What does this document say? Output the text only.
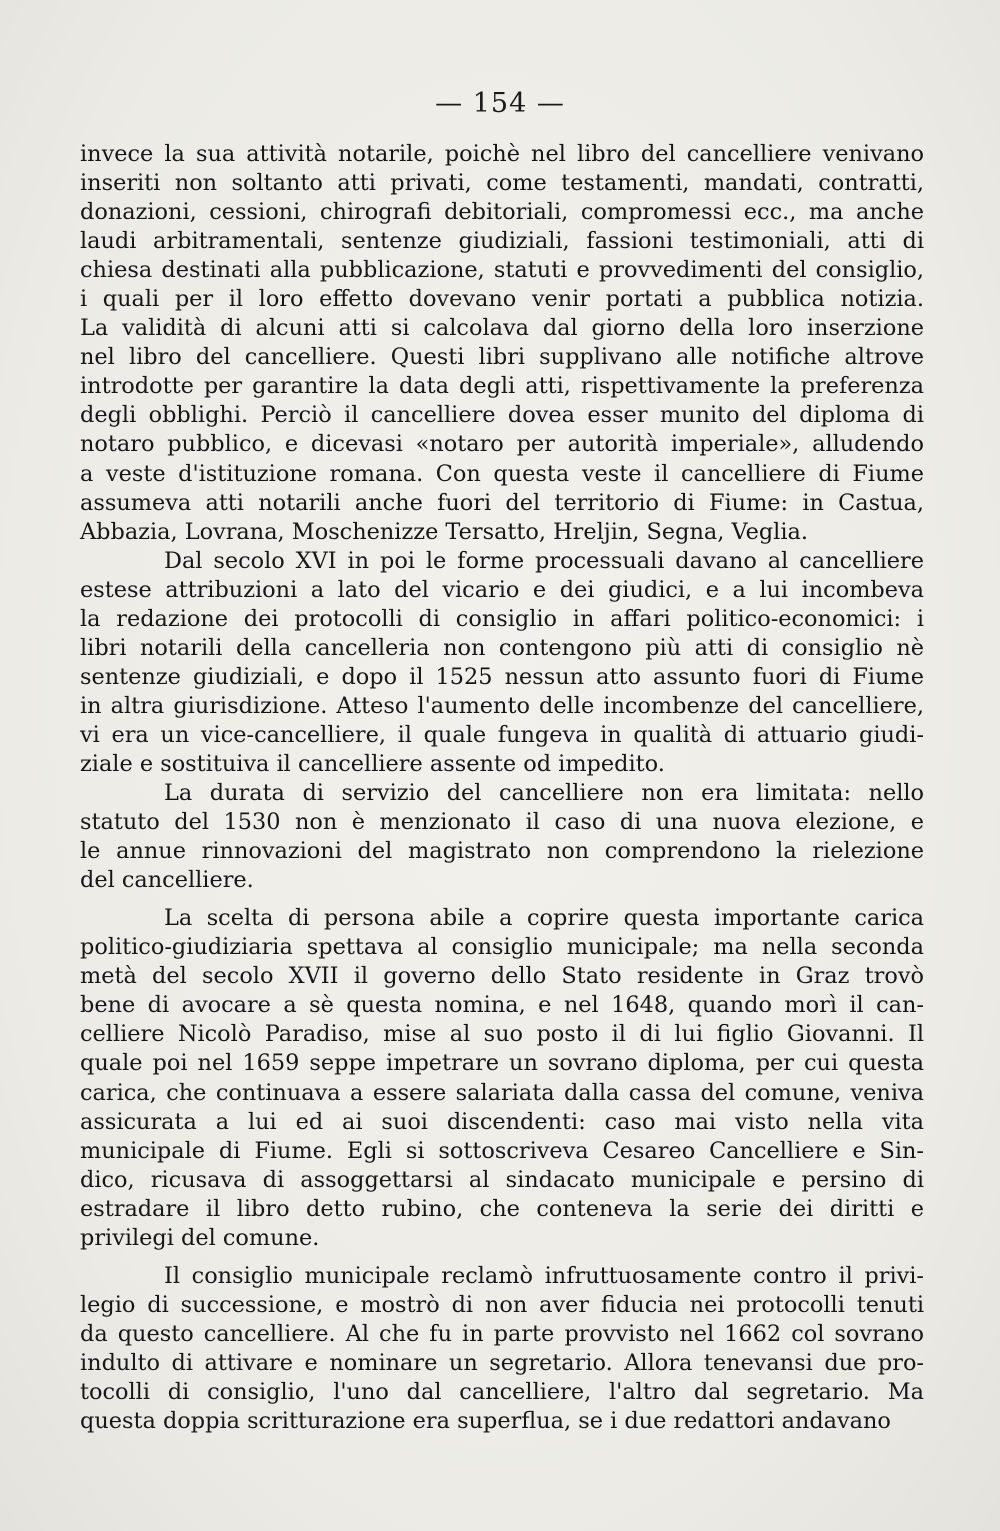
— 154 —
invece la sua attività notarile, poichè nel libro del cancelliere venivano
inseriti non soltanto atti privati, come testamenti, mandati, contratti,
donazioni, cessioni, chirografi debitoriali, compromessi ecc., ma anche
laudi arbitramentali, sentenze giudiziali, fassioni testimoniali, atti di
chiesa destinati alla pubblicazione, statuti e provvedimenti del consiglio,
i quali per il loro effetto dovevano venir portati a pubblica notizia.
La validità di alcuni atti si calcolava dal giorno della loro inserzione
nel libro del cancelliere. Questi libri supplivano alle notifiche altrove
introdotte per garantire la data degli atti, rispettivamente la preferenza
degli obblighi. Perciò il cancelliere dovea esser munito del diploma di
notaro pubblico, e dicevasi «notaro per autorità imperiale», alludendo
a veste d'istituzione romana. Con questa veste il cancelliere di Fiume
assumeva atti notarili anche fuori del territorio di Fiume: in Castua,
Abbazia, Lovrana, Moschenizze Tersatto, Hreljin, Segna, Veglia.
Dal secolo XVI in poi le forme processuali davano al cancelliere
estese attribuzioni a lato del vicario e dei giudici, e a lui incombeva
la redazione dei protocolli di consiglio in affari politico-economici: i
libri notarili della cancelleria non contengono più atti di consiglio nè
sentenze giudiziali, e dopo il 1525 nessun atto assunto fuori di Fiume
in altra giurisdizione. Atteso l'aumento delle incombenze del cancelliere,
vi era un vice-cancelliere, il quale fungeva in qualità di attuario giudi-
ziale e sostituiva il cancelliere assente od impedito.
La durata di servizio del cancelliere non era limitata: nello
statuto del 1530 non è menzionato il caso di una nuova elezione, e
le annue rinnovazioni del magistrato non comprendono la rielezione
del cancelliere.
La scelta di persona abile a coprire questa importante carica
politico-giudiziaria spettava al consiglio municipale; ma nella seconda
metà del secolo XVII il governo dello Stato residente in Graz trovò
bene di avocare a sè questa nomina, e nel 1648, quando morì il can-
celliere Nicolò Paradiso, mise al suo posto il di lui figlio Giovanni. Il
quale poi nel 1659 seppe impetrare un sovrano diploma, per cui questa
carica, che continuava a essere salariata dalla cassa del comune, veniva
assicurata a lui ed ai suoi discendenti: caso mai visto nella vita
municipale di Fiume. Egli si sottoscriveva Cesareo Cancelliere e Sin-
dico, ricusava di assoggettarsi al sindacato municipale e persino di
estradare il libro detto rubino, che conteneva la serie dei diritti e
privilegi del comune.
Il consiglio municipale reclamò infruttuosamente contro il privi-
legio di successione, e mostrò di non aver fiducia nei protocolli tenuti
da questo cancelliere. Al che fu in parte provvisto nel 1662 col sovrano
indulto di attivare e nominare un segretario. Allora tenevansi due pro-
tocolli di consiglio, l'uno dal cancelliere, l'altro dal segretario. Ma
questa doppia scritturazione era superflua, se i due redattori andavano
